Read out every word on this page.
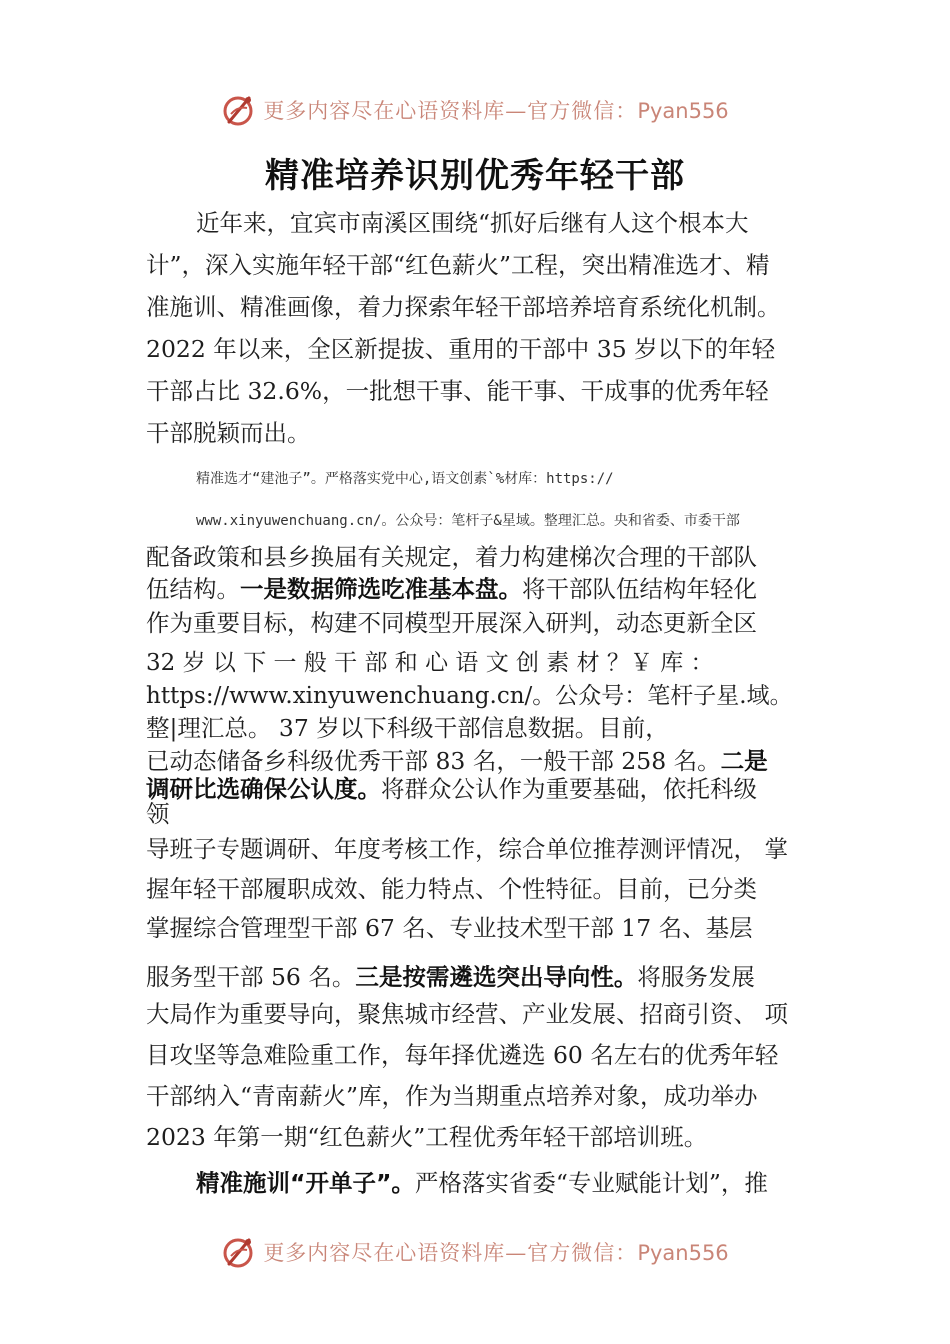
更多内容尽在心语资料库—官方微信：Pyan556
精准培养识别优秀年轻干部
近年来，宜宾市南溪区围绕“抓好后继有人这个根本大
计”，深入实施年轻干部“红色薪火”工程，突出精准选才、精
准施训、精准画像，着力探索年轻干部培养培育系统化机制。
2022 年以来，全区新提拔、重用的干部中 35 岁以下的年轻
干部占比 32.6%，一批想干事、能干事、干成事的优秀年轻
干部脱颖而出。
精准选才“建池子”。严格落实党中心,语文创素`%材库：https://
www.xinyuwenchuang.cn/。公众号：笔杆子&星域。整理汇总。央和省委、市委干部
配备政策和县乡换届有关规定，着力构建梯次合理的干部队
伍结构。一是数据筛选吃准基本盘。将干部队伍结构年轻化
作为重要目标，构建不同模型开展深入研判，动态更新全区
32 岁 以 下 一 般 干 部 和 心 语 文 创 素 材 ？￥ 库 ：
https://www.xinyuwenchuang.cn/。公众号：笔杆子星.域。
整|理汇总。 37 岁以下科级干部信息数据。目前，
已动态储备乡科级优秀干部 83 名，一般干部 258 名。二是
调研比选确保公认度。将群众公认作为重要基础，依托科级
领
导班子专题调研、年度考核工作，综合单位推荐测评情况， 掌
握年轻干部履职成效、能力特点、个性特征。目前，已分类
掌握综合管理型干部 67 名、专业技术型干部 17 名、基层
服务型干部 56 名。三是按需遴选突出导向性。将服务发展
大局作为重要导向，聚焦城市经营、产业发展、招商引资、 项
目攻坚等急难险重工作，每年择优遴选 60 名左右的优秀年轻
干部纳入“青南薪火”库，作为当期重点培养对象，成功举办
2023 年第一期“红色薪火”工程优秀年轻干部培训班。
精准施训“开单子”。严格落实省委“专业赋能计划”，推
更多内容尽在心语资料库—官方微信：Pyan556
